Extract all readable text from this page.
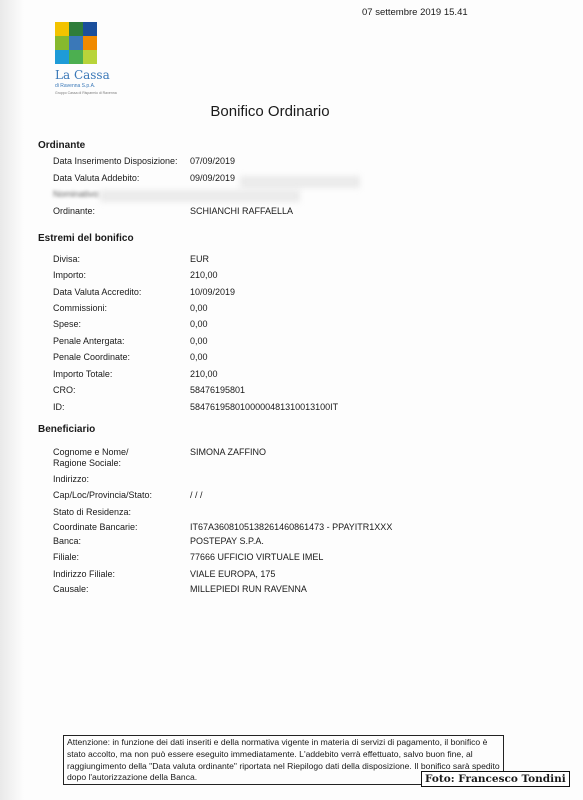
07 settembre 2019 15.41
La Cassa
di Ravenna S.p.A.
Gruppo Cassa di Risparmio di Ravenna
Bonifico Ordinario
Ordinante
Data Inserimento Disposizione: 07/09/2019
Data Valuta Addebito:	09/09/2019
Nominativo:
Ordinante:	SCHIANCHI RAFFAELLA
Estremi del bonifico
Divisa:	EUR
Importo:	210,00
Data Valuta Accredito:	10/09/2019
Commissioni:	0,00
Spese:	0,00
Penale Antergata:	0,00
Penale Coordinate:	0,00
Importo Totale:	210,00
CRO:	58476195801
ID:	5847619580100000481310013100IT
Beneficiario
Cognome e Nome/
Ragione Sociale:
SIMONA ZAFFINO
Indirizzo:
Cap/Loc/Provincia/Stato:	/ / /
Stato di Residenza:
Coordinate Bancarie:	IT67A3608105138261460861473 - PPAYITR1XXX
Banca:	POSTEPAY S.P.A.
Filiale:	77666 UFFICIO VIRTUALE IMEL
Indirizzo Filiale:	VIALE EUROPA, 175
Causale:	MILLEPIEDI RUN RAVENNA
Attenzione: in funzione dei dati inseriti e della normativa vigente in materia di servizi di pagamento, il bonifico è stato accolto, ma non può essere eseguito immediatamente. L'addebito verrà effettuato, salvo buon fine, al raggiungimento della "Data valuta ordinante" riportata nel Riepilogo dati della disposizione. Il bonifico sarà spedito dopo l'autorizzazione della Banca.	Foto: Francesco Tondini
